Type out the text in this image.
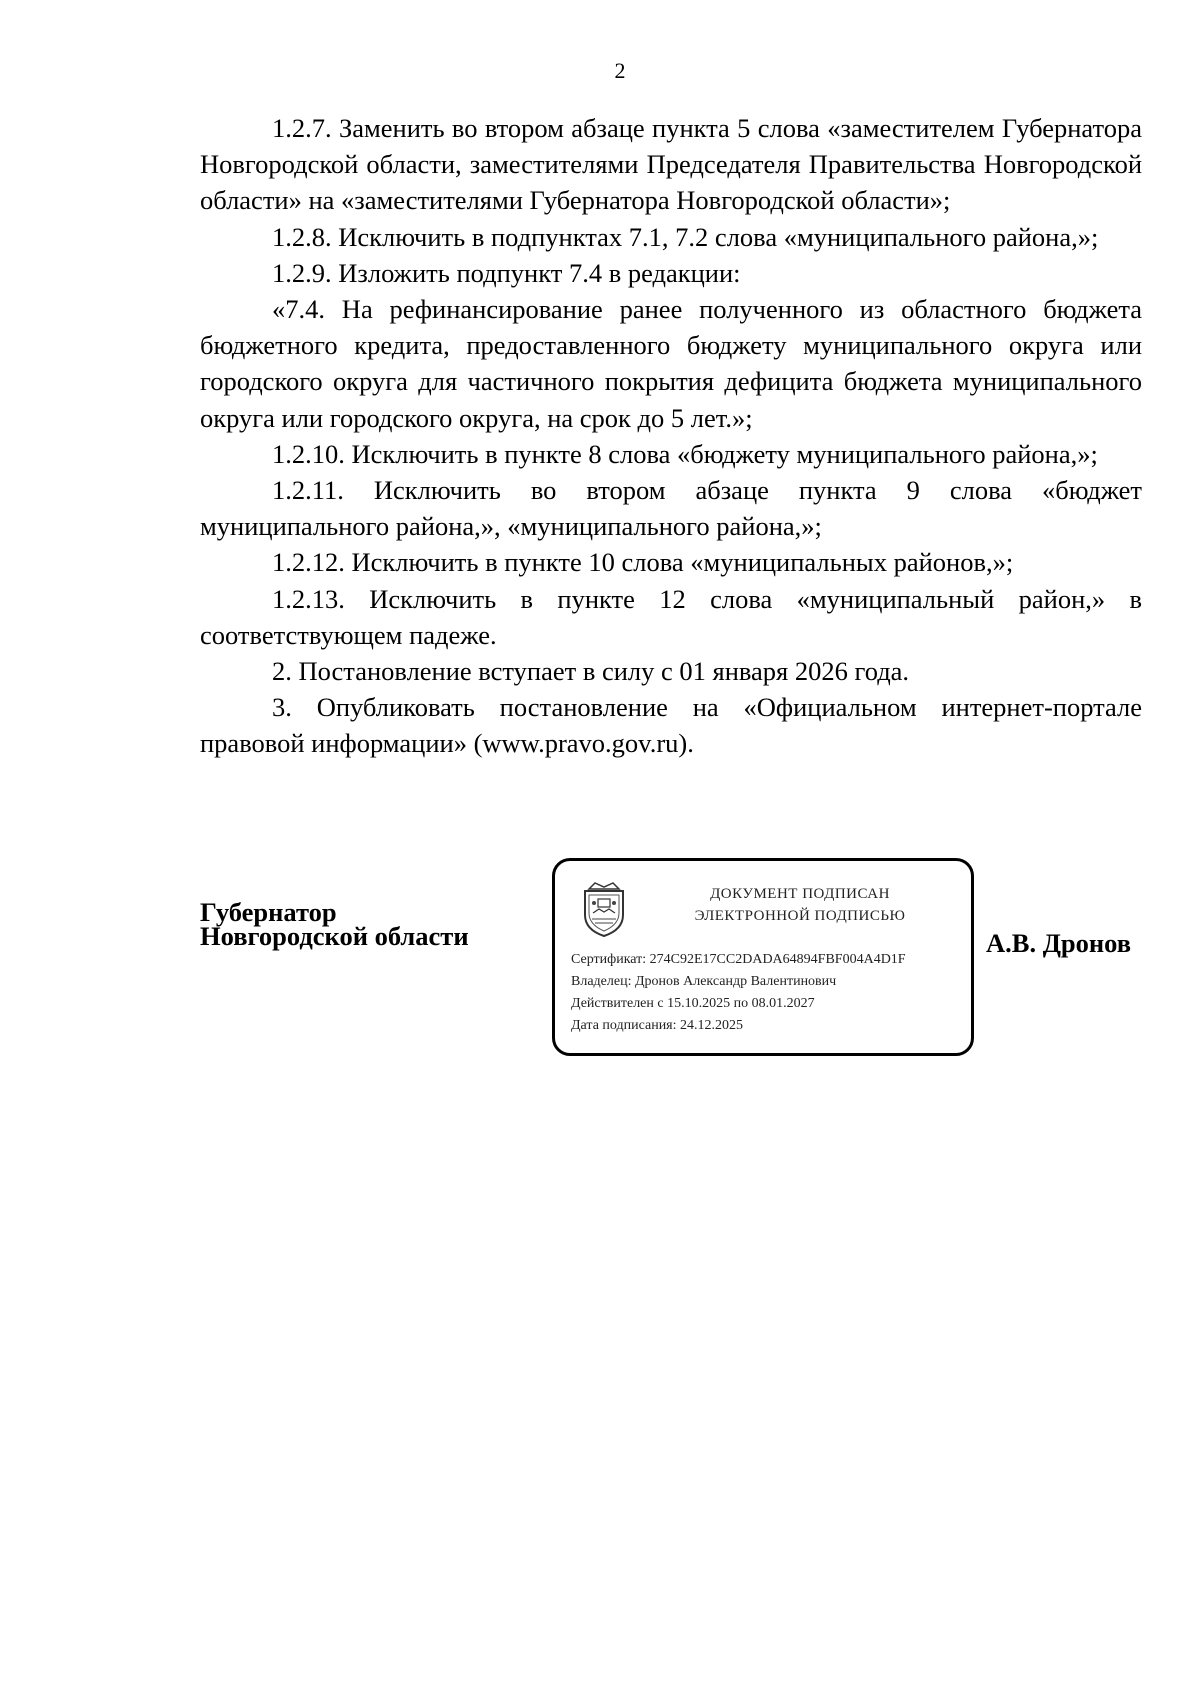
2

1.2.7. Заменить во втором абзаце пункта 5 слова «заместителем Губернатора Новгородской области, заместителями Председателя Правительства Новгородской области» на «заместителями Губернатора Новгородской области»;

1.2.8. Исключить в подпунктах 7.1, 7.2 слова «муниципального района,»;

1.2.9. Изложить подпункт 7.4 в редакции:

«7.4. На рефинансирование ранее полученного из областного бюджета бюджетного кредита, предоставленного бюджету муниципального округа или городского округа для частичного покрытия дефицита бюджета муниципального округа или городского округа, на срок до 5 лет.»;

1.2.10. Исключить в пункте 8 слова «бюджету муниципального района,»;

1.2.11. Исключить во втором абзаце пункта 9 слова «бюджет муниципального района,», «муниципального района,»;

1.2.12. Исключить в пункте 10 слова «муниципальных районов,»;

1.2.13. Исключить в пункте 12 слова «муниципальный район,» в соответствующем падеже.

2. Постановление вступает в силу с 01 января 2026 года.

3. Опубликовать постановление на «Официальном интернет-портале правовой информации» (www.pravo.gov.ru).

Губернатор
Новгородской области
ДОКУМЕНТ ПОДПИСАН
ЭЛЕКТРОННОЙ ПОДПИСЬЮ
Сертификат: 274C92E17CC2DADA64894FBF004A4D1F
Владелец: Дронов Александр Валентинович
Действителен с 15.10.2025 по 08.01.2027
Дата подписания: 24.12.2025
А.В. Дронов
